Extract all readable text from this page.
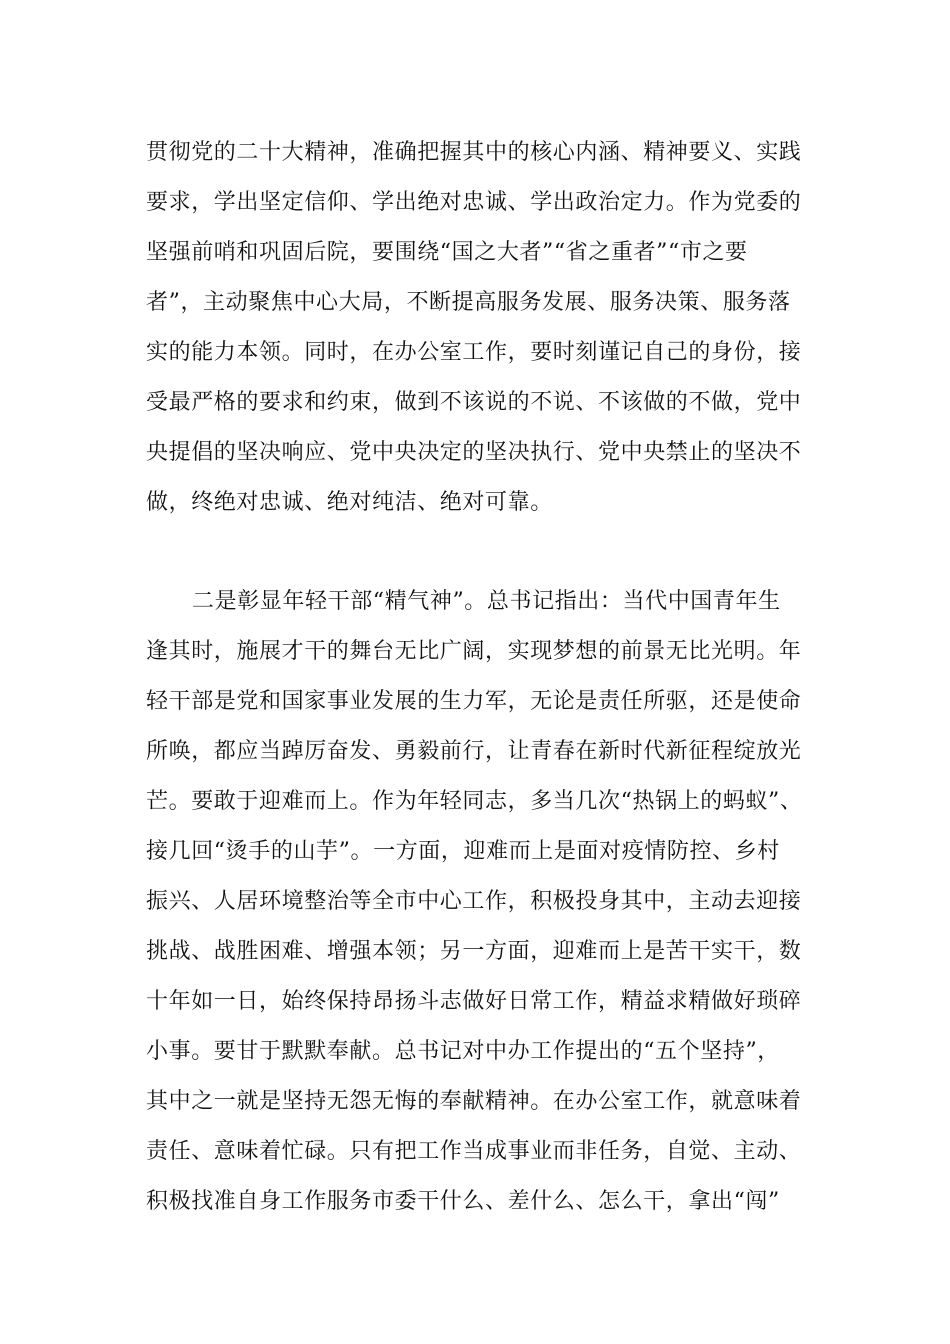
贯彻党的二十大精神，准确把握其中的核心内涵、精神要义、实践
要求，学出坚定信仰、学出绝对忠诚、学出政治定力。作为党委的
坚强前哨和巩固后院，要围绕“国之大者”“省之重者”“市之要
者”，主动聚焦中心大局，不断提高服务发展、服务决策、服务落
实的能力本领。同时，在办公室工作，要时刻谨记自己的身份，接
受最严格的要求和约束，做到不该说的不说、不该做的不做，党中
央提倡的坚决响应、党中央决定的坚决执行、党中央禁止的坚决不
做，终绝对忠诚、绝对纯洁、绝对可靠。
二是彰显年轻干部“精气神”。总书记指出：当代中国青年生
逢其时，施展才干的舞台无比广阔，实现梦想的前景无比光明。年
轻干部是党和国家事业发展的生力军，无论是责任所驱，还是使命
所唤，都应当踔厉奋发、勇毅前行，让青春在新时代新征程绽放光
芒。要敢于迎难而上。作为年轻同志，多当几次“热锅上的蚂蚁”、
接几回“烫手的山芋”。一方面，迎难而上是面对疫情防控、乡村
振兴、人居环境整治等全市中心工作，积极投身其中，主动去迎接
挑战、战胜困难、增强本领；另一方面，迎难而上是苦干实干，数
十年如一日，始终保持昂扬斗志做好日常工作，精益求精做好琐碎
小事。要甘于默默奉献。总书记对中办工作提出的“五个坚持”，
其中之一就是坚持无怨无悔的奉献精神。在办公室工作，就意味着
责任、意味着忙碌。只有把工作当成事业而非任务，自觉、主动、
积极找准自身工作服务市委干什么、差什么、怎么干，拿出“闯”
